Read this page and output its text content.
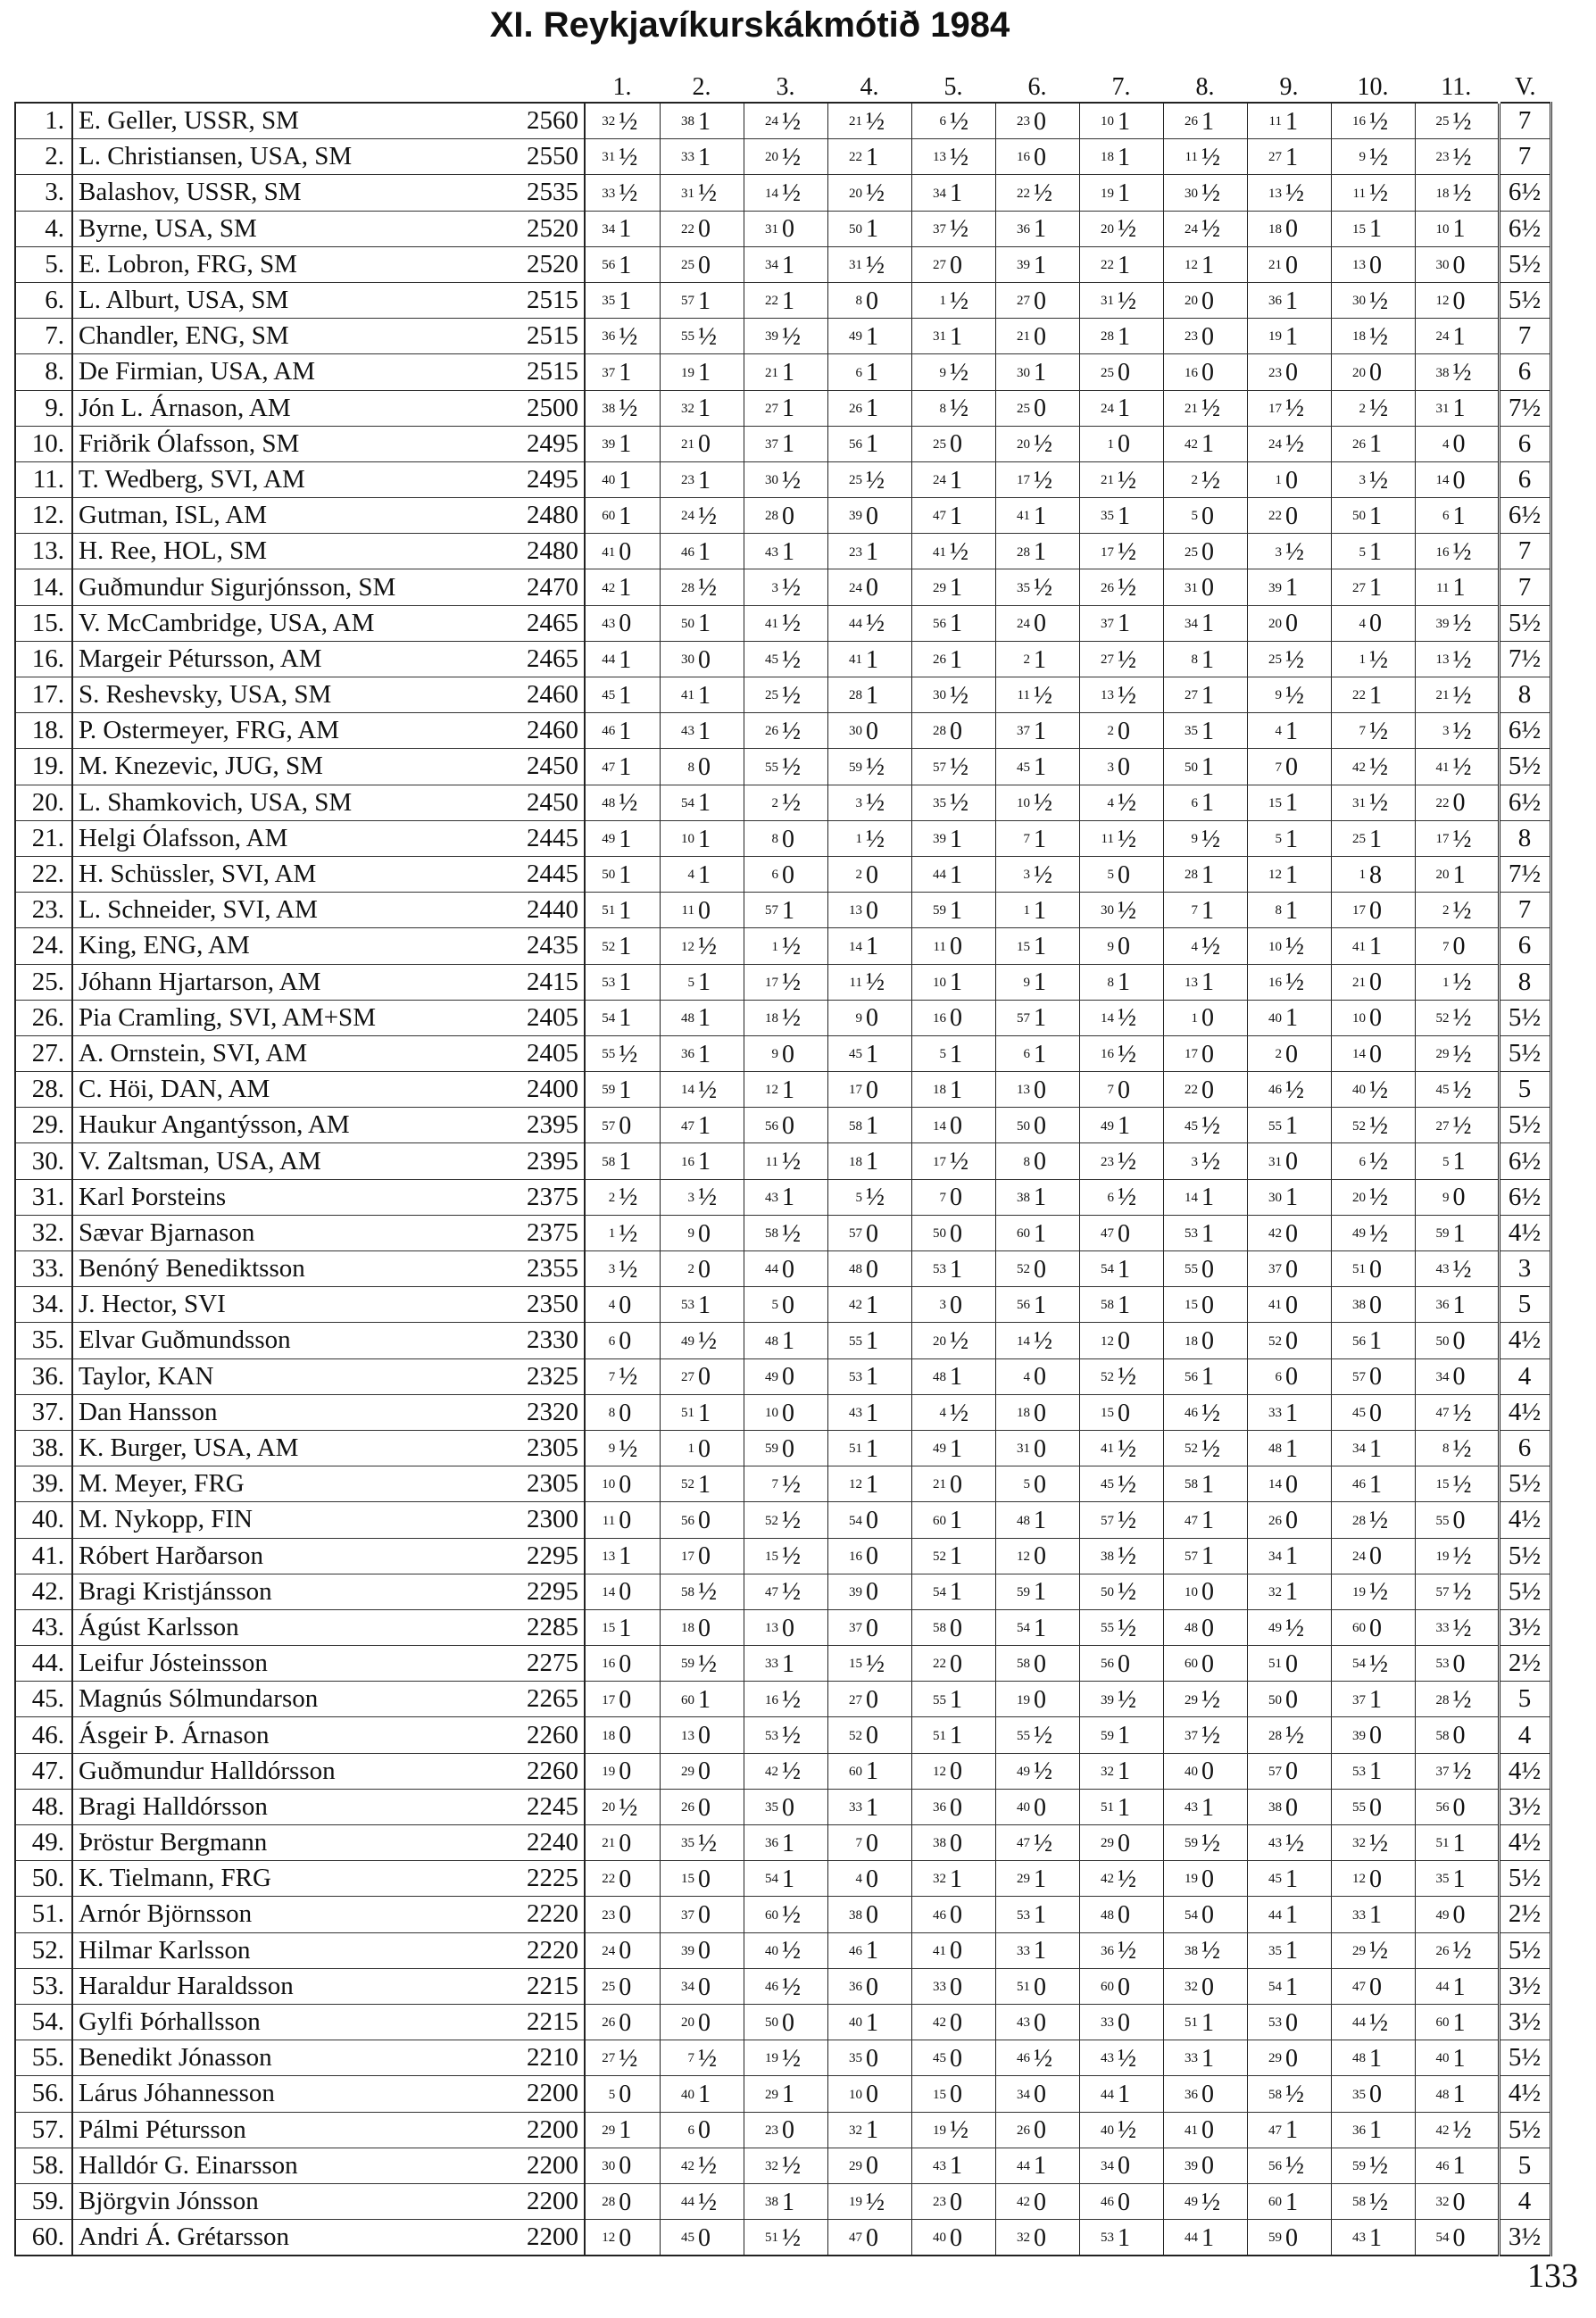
XI. Reykjavíkurskákmótið 1984
			1.	2.	3.	4.	5.	6.	7.	8.	9.	10.	11.	V.
1.	E. Geller, USSR, SM	2560	32 ½	38 1	24 ½	21 ½	6 ½	23 0	10 1	26 1	11 1	16 ½	25 ½	7
2.	L. Christiansen, USA, SM	2550	31 ½	33 1	20 ½	22 1	13 ½	16 0	18 1	11 ½	27 1	9 ½	23 ½	7
3.	Balashov, USSR, SM	2535	33 ½	31 ½	14 ½	20 ½	34 1	22 ½	19 1	30 ½	13 ½	11 ½	18 ½	6½
4.	Byrne, USA, SM	2520	34 1	22 0	31 0	50 1	37 ½	36 1	20 ½	24 ½	18 0	15 1	10 1	6½
5.	E. Lobron, FRG, SM	2520	56 1	25 0	34 1	31 ½	27 0	39 1	22 1	12 1	21 0	13 0	30 0	5½
6.	L. Alburt, USA, SM	2515	35 1	57 1	22 1	8 0	1 ½	27 0	31 ½	20 0	36 1	30 ½	12 0	5½
7.	Chandler, ENG, SM	2515	36 ½	55 ½	39 ½	49 1	31 1	21 0	28 1	23 0	19 1	18 ½	24 1	7
8.	De Firmian, USA, AM	2515	37 1	19 1	21 1	6 1	9 ½	30 1	25 0	16 0	23 0	20 0	38 ½	6
9.	Jón L. Árnason, AM	2500	38 ½	32 1	27 1	26 1	8 ½	25 0	24 1	21 ½	17 ½	2 ½	31 1	7½
10.	Friðrik Ólafsson, SM	2495	39 1	21 0	37 1	56 1	25 0	20 ½	1 0	42 1	24 ½	26 1	4 0	6
11.	T. Wedberg, SVI, AM	2495	40 1	23 1	30 ½	25 ½	24 1	17 ½	21 ½	2 ½	1 0	3 ½	14 0	6
12.	Gutman, ISL, AM	2480	60 1	24 ½	28 0	39 0	47 1	41 1	35 1	5 0	22 0	50 1	6 1	6½
13.	H. Ree, HOL, SM	2480	41 0	46 1	43 1	23 1	41 ½	28 1	17 ½	25 0	3 ½	5 1	16 ½	7
14.	Guðmundur Sigurjónsson, SM	2470	42 1	28 ½	3 ½	24 0	29 1	35 ½	26 ½	31 0	39 1	27 1	11 1	7
15.	V. McCambridge, USA, AM	2465	43 0	50 1	41 ½	44 ½	56 1	24 0	37 1	34 1	20 0	4 0	39 ½	5½
16.	Margeir Pétursson, AM	2465	44 1	30 0	45 ½	41 1	26 1	2 1	27 ½	8 1	25 ½	1 ½	13 ½	7½
17.	S. Reshevsky, USA, SM	2460	45 1	41 1	25 ½	28 1	30 ½	11 ½	13 ½	27 1	9 ½	22 1	21 ½	8
18.	P. Ostermeyer, FRG, AM	2460	46 1	43 1	26 ½	30 0	28 0	37 1	2 0	35 1	4 1	7 ½	3 ½	6½
19.	M. Knezevic, JUG, SM	2450	47 1	8 0	55 ½	59 ½	57 ½	45 1	3 0	50 1	7 0	42 ½	41 ½	5½
20.	L. Shamkovich, USA, SM	2450	48 ½	54 1	2 ½	3 ½	35 ½	10 ½	4 ½	6 1	15 1	31 ½	22 0	6½
21.	Helgi Ólafsson, AM	2445	49 1	10 1	8 0	1 ½	39 1	7 1	11 ½	9 ½	5 1	25 1	17 ½	8
22.	H. Schüssler, SVI, AM	2445	50 1	4 1	6 0	2 0	44 1	3 ½	5 0	28 1	12 1	1 8	20 1	7½
23.	L. Schneider, SVI, AM	2440	51 1	11 0	57 1	13 0	59 1	1 1	30 ½	7 1	8 1	17 0	2 ½	7
24.	King, ENG, AM	2435	52 1	12 ½	1 ½	14 1	11 0	15 1	9 0	4 ½	10 ½	41 1	7 0	6
25.	Jóhann Hjartarson, AM	2415	53 1	5 1	17 ½	11 ½	10 1	9 1	8 1	13 1	16 ½	21 0	1 ½	8
26.	Pia Cramling, SVI, AM+SM	2405	54 1	48 1	18 ½	9 0	16 0	57 1	14 ½	1 0	40 1	10 0	52 ½	5½
27.	A. Ornstein, SVI, AM	2405	55 ½	36 1	9 0	45 1	5 1	6 1	16 ½	17 0	2 0	14 0	29 ½	5½
28.	C. Höi, DAN, AM	2400	59 1	14 ½	12 1	17 0	18 1	13 0	7 0	22 0	46 ½	40 ½	45 ½	5
29.	Haukur Angantýsson, AM	2395	57 0	47 1	56 0	58 1	14 0	50 0	49 1	45 ½	55 1	52 ½	27 ½	5½
30.	V. Zaltsman, USA, AM	2395	58 1	16 1	11 ½	18 1	17 ½	8 0	23 ½	3 ½	31 0	6 ½	5 1	6½
31.	Karl Þorsteins	2375	2 ½	3 ½	43 1	5 ½	7 0	38 1	6 ½	14 1	30 1	20 ½	9 0	6½
32.	Sævar Bjarnason	2375	1 ½	9 0	58 ½	57 0	50 0	60 1	47 0	53 1	42 0	49 ½	59 1	4½
33.	Benóný Benediktsson	2355	3 ½	2 0	44 0	48 0	53 1	52 0	54 1	55 0	37 0	51 0	43 ½	3
34.	J. Hector, SVI	2350	4 0	53 1	5 0	42 1	3 0	56 1	58 1	15 0	41 0	38 0	36 1	5
35.	Elvar Guðmundsson	2330	6 0	49 ½	48 1	55 1	20 ½	14 ½	12 0	18 0	52 0	56 1	50 0	4½
36.	Taylor, KAN	2325	7 ½	27 0	49 0	53 1	48 1	4 0	52 ½	56 1	6 0	57 0	34 0	4
37.	Dan Hansson	2320	8 0	51 1	10 0	43 1	4 ½	18 0	15 0	46 ½	33 1	45 0	47 ½	4½
38.	K. Burger, USA, AM	2305	9 ½	1 0	59 0	51 1	49 1	31 0	41 ½	52 ½	48 1	34 1	8 ½	6
39.	M. Meyer, FRG	2305	10 0	52 1	7 ½	12 1	21 0	5 0	45 ½	58 1	14 0	46 1	15 ½	5½
40.	M. Nykopp, FIN	2300	11 0	56 0	52 ½	54 0	60 1	48 1	57 ½	47 1	26 0	28 ½	55 0	4½
41.	Róbert Harðarson	2295	13 1	17 0	15 ½	16 0	52 1	12 0	38 ½	57 1	34 1	24 0	19 ½	5½
42.	Bragi Kristjánsson	2295	14 0	58 ½	47 ½	39 0	54 1	59 1	50 ½	10 0	32 1	19 ½	57 ½	5½
43.	Ágúst Karlsson	2285	15 1	18 0	13 0	37 0	58 0	54 1	55 ½	48 0	49 ½	60 0	33 ½	3½
44.	Leifur Jósteinsson	2275	16 0	59 ½	33 1	15 ½	22 0	58 0	56 0	60 0	51 0	54 ½	53 0	2½
45.	Magnús Sólmundarson	2265	17 0	60 1	16 ½	27 0	55 1	19 0	39 ½	29 ½	50 0	37 1	28 ½	5
46.	Ásgeir Þ. Árnason	2260	18 0	13 0	53 ½	52 0	51 1	55 ½	59 1	37 ½	28 ½	39 0	58 0	4
47.	Guðmundur Halldórsson	2260	19 0	29 0	42 ½	60 1	12 0	49 ½	32 1	40 0	57 0	53 1	37 ½	4½
48.	Bragi Halldórsson	2245	20 ½	26 0	35 0	33 1	36 0	40 0	51 1	43 1	38 0	55 0	56 0	3½
49.	Þröstur Bergmann	2240	21 0	35 ½	36 1	7 0	38 0	47 ½	29 0	59 ½	43 ½	32 ½	51 1	4½
50.	K. Tielmann, FRG	2225	22 0	15 0	54 1	4 0	32 1	29 1	42 ½	19 0	45 1	12 0	35 1	5½
51.	Arnór Björnsson	2220	23 0	37 0	60 ½	38 0	46 0	53 1	48 0	54 0	44 1	33 1	49 0	2½
52.	Hilmar Karlsson	2220	24 0	39 0	40 ½	46 1	41 0	33 1	36 ½	38 ½	35 1	29 ½	26 ½	5½
53.	Haraldur Haraldsson	2215	25 0	34 0	46 ½	36 0	33 0	51 0	60 0	32 0	54 1	47 0	44 1	3½
54.	Gylfi Þórhallsson	2215	26 0	20 0	50 0	40 1	42 0	43 0	33 0	51 1	53 0	44 ½	60 1	3½
55.	Benedikt Jónasson	2210	27 ½	7 ½	19 ½	35 0	45 0	46 ½	43 ½	33 1	29 0	48 1	40 1	5½
56.	Lárus Jóhannesson	2200	5 0	40 1	29 1	10 0	15 0	34 0	44 1	36 0	58 ½	35 0	48 1	4½
57.	Pálmi Pétursson	2200	29 1	6 0	23 0	32 1	19 ½	26 0	40 ½	41 0	47 1	36 1	42 ½	5½
58.	Halldór G. Einarsson	2200	30 0	42 ½	32 ½	29 0	43 1	44 1	34 0	39 0	56 ½	59 ½	46 1	5
59.	Björgvin Jónsson	2200	28 0	44 ½	38 1	19 ½	23 0	42 0	46 0	49 ½	60 1	58 ½	32 0	4
60.	Andri Á. Grétarsson	2200	12 0	45 0	51 ½	47 0	40 0	32 0	53 1	44 1	59 0	43 1	54 0	3½
133
